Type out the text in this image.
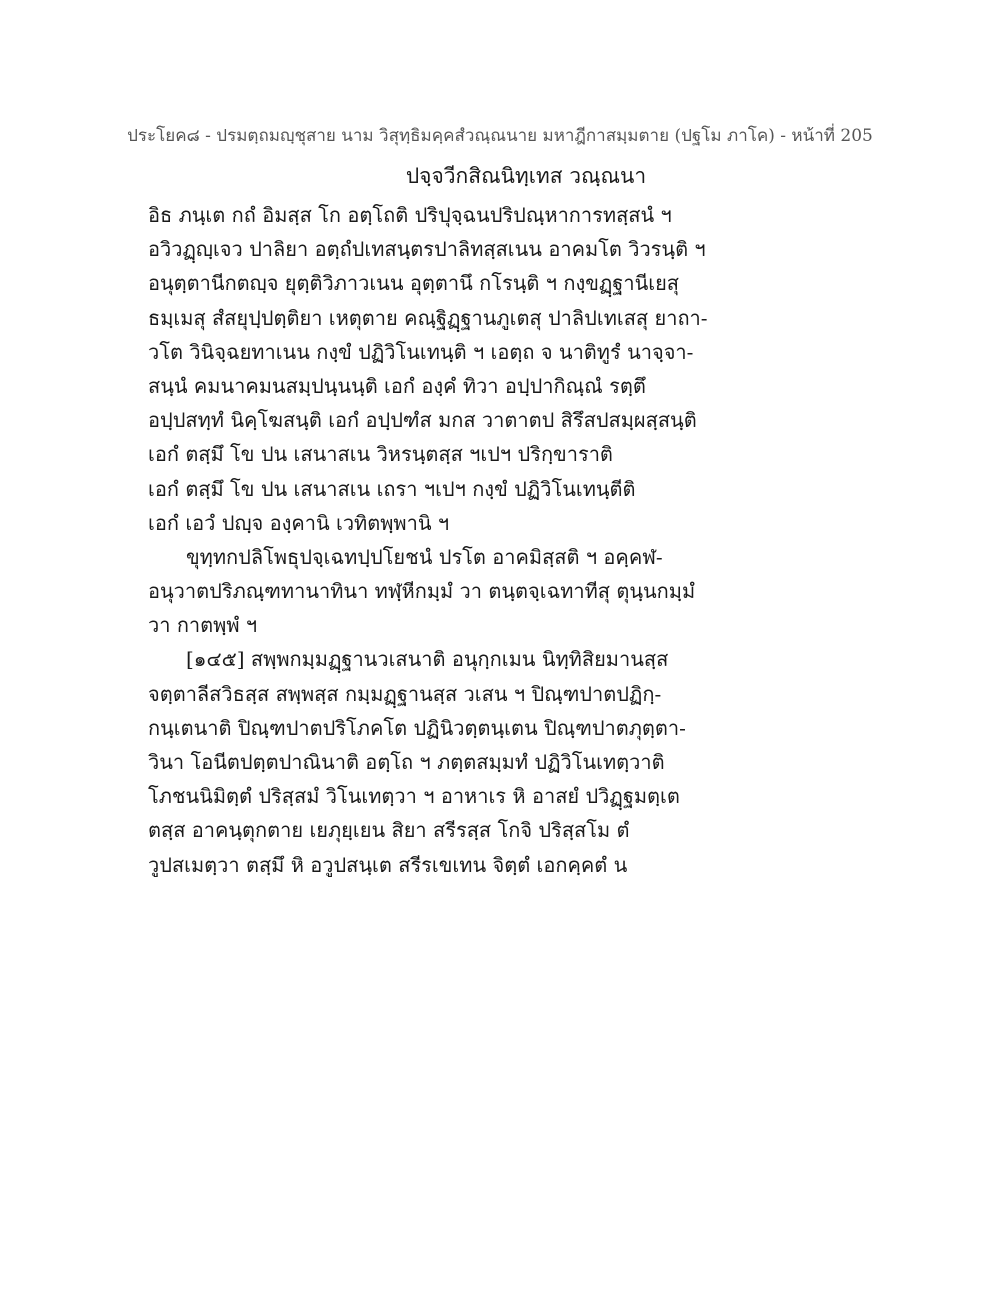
ประโยค๘ - ปรมตฺถมญฺชุสาย นาม วิสุทฺธิมคฺคสํวณฺณนาย มหาฎีกาสมฺมตาย (ปฐโม ภาโค) - หน้าที่ 205
ปจฺจวีกสิณนิทฺเทส วณฺณนา
อิธ ภนฺเต กถํ อิมสฺส โก อตฺโถติ ปริปุจฺฉนปริปณฺหาการทสฺสนํ ฯ
อวิวฏฺญฺเจว ปาลิยา อตฺถํปเทสนฺตรปาลิทสฺสเนน อาคมโต วิวรนฺติ ฯ
อนุตฺตานีกตญฺจ ยุตฺติวิภาวเนน อุตฺตานึ กโรนฺติ ฯ กงฺขฏฺฐานีเยสุ
ธมฺเมสุ สํสยุปฺปตฺติยา เหตุตาย คณฺฐิฏฺฐานภูเตสุ ปาลิปเทเสสุ ยาถา-
วโต วินิจฺฉยทาเนน กงฺขํ ปฏิวิโนเทนฺติ ฯ เอตฺถ จ นาติทูรํ นาจฺจา-
สนฺนํ คมนาคมนสมฺปนฺนนฺติ เอกํ องฺคํ ทิวา อปฺปากิณฺณํ รตฺตึ
อปฺปสทฺทํ นิคฺโฆสนฺติ เอกํ อปฺปฑํส มกส วาตาตป สิรึสปสมฺผสฺสนฺติ
เอกํ ตสฺมึ โข ปน เสนาสเน วิหรนฺตสฺส ฯเปฯ ปริกฺขาราติ
เอกํ ตสฺมึ โข ปน เสนาสเน เถรา ฯเปฯ กงฺขํ ปฏิวิโนเทนฺตีติ
เอกํ เอวํ ปญฺจ องฺคานิ เวทิตพฺพานิ ฯ
ขุทฺทกปลิโพธุปจฺเฉทปฺปโยชนํ ปรโต อาคมิสฺสติ ฯ อคฺคฬ-
อนุวาตปริภณฺฑทานาทินา ทฬฺหีกมฺมํ วา ตนฺตจฺเฉทาทีสุ ตุนฺนกมฺมํ
วา กาตพฺพํ ฯ
[๑๔๕] สพฺพกมฺมฏฺฐานวเสนาติ อนุกฺกเมน นิทฺทิสิยมานสฺส
จตฺตาลีสวิธสฺส สพฺพสฺส กมฺมฏฺฐานสฺส วเสน ฯ ปิณฺฑปาตปฏิกฺ-
กนฺเตนาติ ปิณฺฑปาตปริโภคโต ปฏินิวตฺตนฺเตน ปิณฺฑปาตภุตฺตา-
วินา โอนีตปตฺตปาณินาติ อตฺโถ ฯ ภตฺตสมฺมทํ ปฏิวิโนเทตฺวาติ
โภชนนิมิตฺตํ ปริสฺสมํ วิโนเทตฺวา ฯ อาหาเร หิ อาสยํ ปวิฏฺฐมตฺเต
ตสฺส อาคนฺตุกตาย เยภุยฺเยน สิยา สรีรสฺส โกจิ ปริสฺสโม ตํ
วูปสเมตฺวา ตสฺมึ หิ อวูปสนฺเต สรีรเขเทน จิตฺตํ เอกคฺคตํ น
